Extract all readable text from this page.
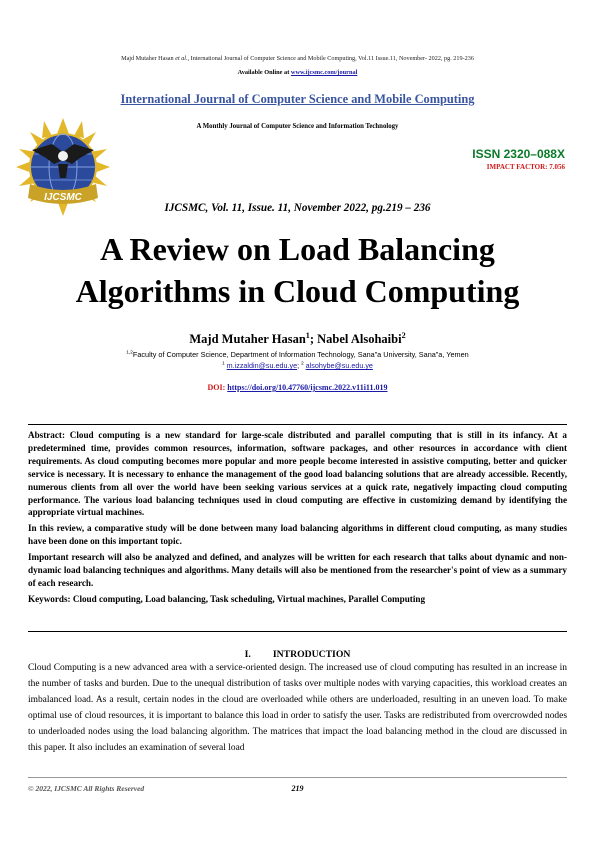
Majd Mutaher Hasan et al., International Journal of Computer Science and Mobile Computing, Vol.11 Issue.11, November- 2022, pg. 219-236
Available Online at www.ijcsmc.com/journal
International Journal of Computer Science and Mobile Computing
A Monthly Journal of Computer Science and Information Technology
IJCSMC
ISSN 2320–088X
IMPACT FACTOR: 7.056
IJCSMC, Vol. 11, Issue. 11, November 2022, pg.219 – 236
A Review on Load Balancing
Algorithms in Cloud Computing
Majd Mutaher Hasan$^1$; Nabel Alsohaibi$^2$
$^{1,2}$Faculty of Computer Science, Department of Information Technology, Sana‟a University, Sana‟a, Yemen
$^1$ m.izzaldin@su.edu.ye; $^2$ alsohybe@su.edu.ye
DOI: https://doi.org/10.47760/ijcsmc.2022.v11i11.019

Abstract: Cloud computing is a new standard for large-scale distributed and parallel computing that is still in its infancy. At a predetermined time, provides common resources, information, software packages, and other resources in accordance with client requirements. As cloud computing becomes more popular and more people become interested in assistive computing, better and quicker service is necessary. It is necessary to enhance the management of the good load balancing solutions that are already accessible. Recently, numerous clients from all over the world have been seeking various services at a quick rate, negatively impacting cloud computing performance. The various load balancing techniques used in cloud computing are effective in customizing demand by identifying the appropriate virtual machines.

In this review, a comparative study will be done between many load balancing algorithms in different cloud computing, as many studies have been done on this important topic.

Important research will also be analyzed and defined, and analyzes will be written for each research that talks about dynamic and non-dynamic load balancing techniques and algorithms. Many details will also be mentioned from the researcher's point of view as a summary of each research.

Keywords: Cloud computing, Load balancing, Task scheduling, Virtual machines, Parallel Computing

I. INTRODUCTION
Cloud Computing is a new advanced area with a service-oriented design. The increased use of cloud computing has resulted in an increase in the number of tasks and burden. Due to the unequal distribution of tasks over multiple nodes with varying capacities, this workload creates an imbalanced load. As a result, certain nodes in the cloud are overloaded while others are underloaded, resulting in an uneven load. To make optimal use of cloud resources, it is important to balance this load in order to satisfy the user. Tasks are redistributed from overcrowded nodes to underloaded nodes using the load balancing algorithm. The matrices that impact the load balancing method in the cloud are discussed in this paper. It also includes an examination of several load
© 2022, IJCSMC All Rights Reserved	219
